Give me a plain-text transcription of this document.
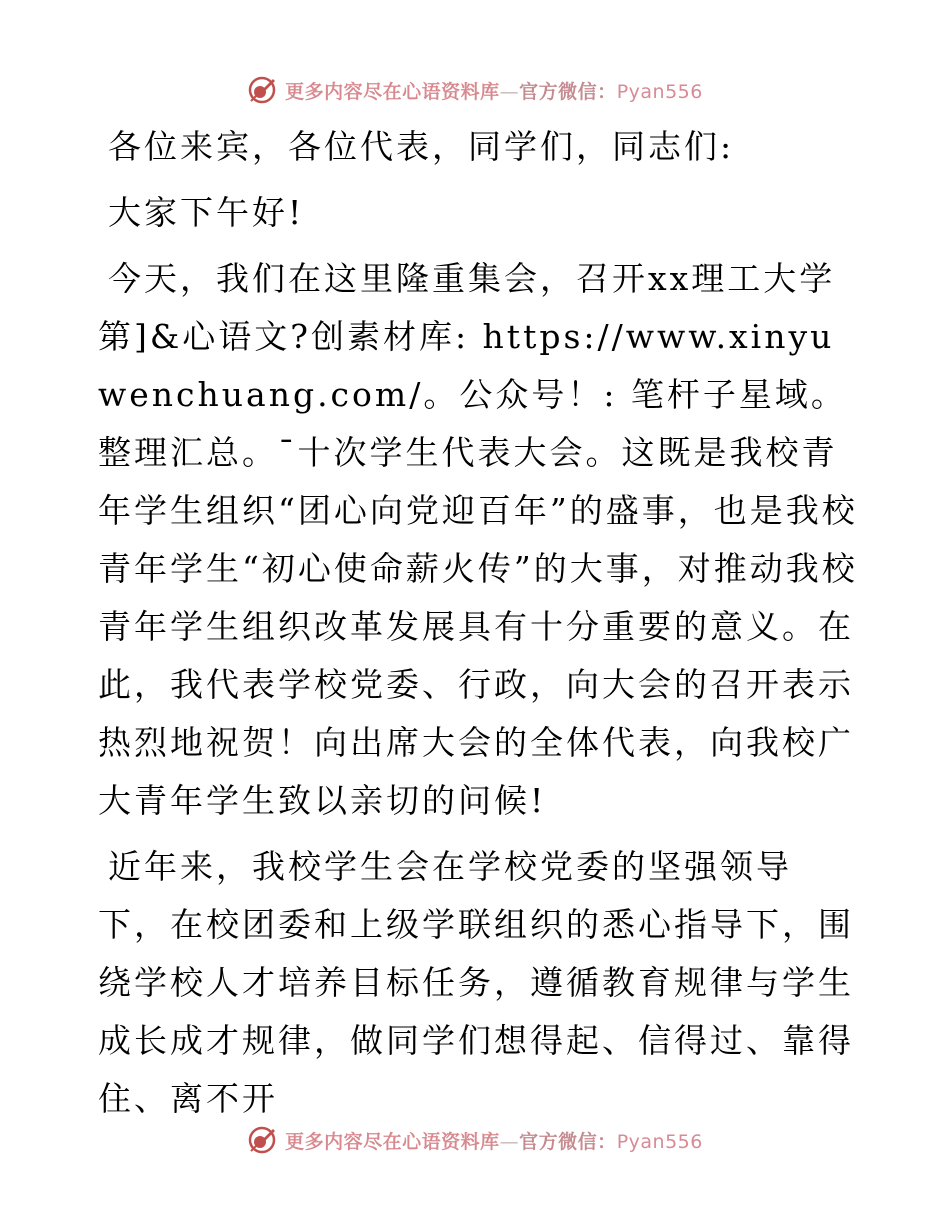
更多内容尽在心语资料库—官方微信：Pyan556

各位来宾，各位代表，同学们，同志们:

大家下午好!

今天，我们在这里隆重集会，召开xx理工大学第]&心语文?创素材库: https://www.xinyuwenchuang.com/。公众号！: 笔杆子星域。整理汇总。¯十次学生代表大会。这既是我校青年学生组织“团心向党迎百年”的盛事，也是我校青年学生“初心使命薪火传”的大事，对推动我校青年学生组织改革发展具有十分重要的意义。在此，我代表学校党委、行政，向大会的召开表示热烈地祝贺！向出席大会的全体代表，向我校广大青年学生致以亲切的问候!

近年来，我校学生会在学校党委的坚强领导下，在校团委和上级学联组织的悉心指导下，围绕学校人才培养目标任务，遵循教育规律与学生成长成才规律，做同学们想得起、信得过、靠得住、离不开

更多内容尽在心语资料库—官方微信：Pyan556
